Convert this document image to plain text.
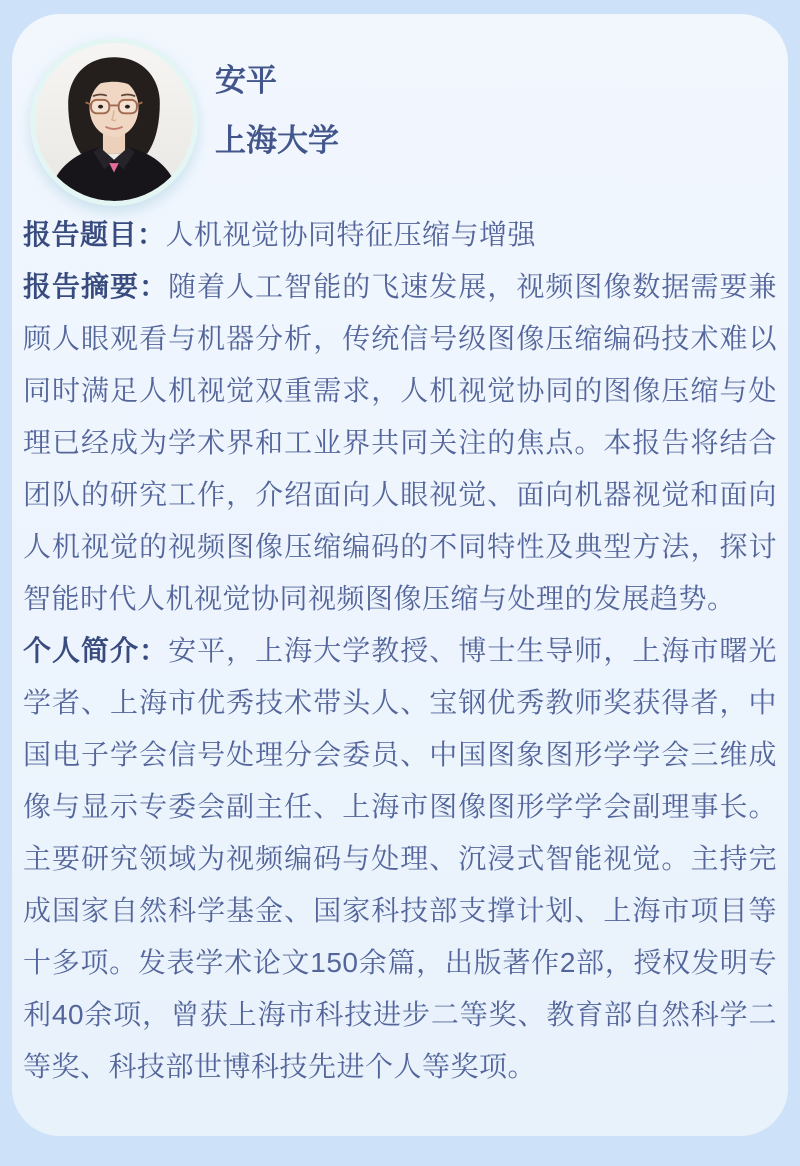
安平
上海大学

报告题目：人机视觉协同特征压缩与增强

报告摘要：随着人工智能的飞速发展，视频图像数据需要兼顾人眼观看与机器分析，传统信号级图像压缩编码技术难以同时满足人机视觉双重需求，人机视觉协同的图像压缩与处理已经成为学术界和工业界共同关注的焦点。本报告将结合团队的研究工作，介绍面向人眼视觉、面向机器视觉和面向人机视觉的视频图像压缩编码的不同特性及典型方法，探讨智能时代人机视觉协同视频图像压缩与处理的发展趋势。

个人简介：安平，上海大学教授、博士生导师，上海市曙光学者、上海市优秀技术带头人、宝钢优秀教师奖获得者，中国电子学会信号处理分会委员、中国图象图形学学会三维成像与显示专委会副主任、上海市图像图形学学会副理事长。主要研究领域为视频编码与处理、沉浸式智能视觉。主持完成国家自然科学基金、国家科技部支撑计划、上海市项目等十多项。发表学术论文150余篇，出版著作2部，授权发明专利40余项，曾获上海市科技进步二等奖、教育部自然科学二等奖、科技部世博科技先进个人等奖项。
